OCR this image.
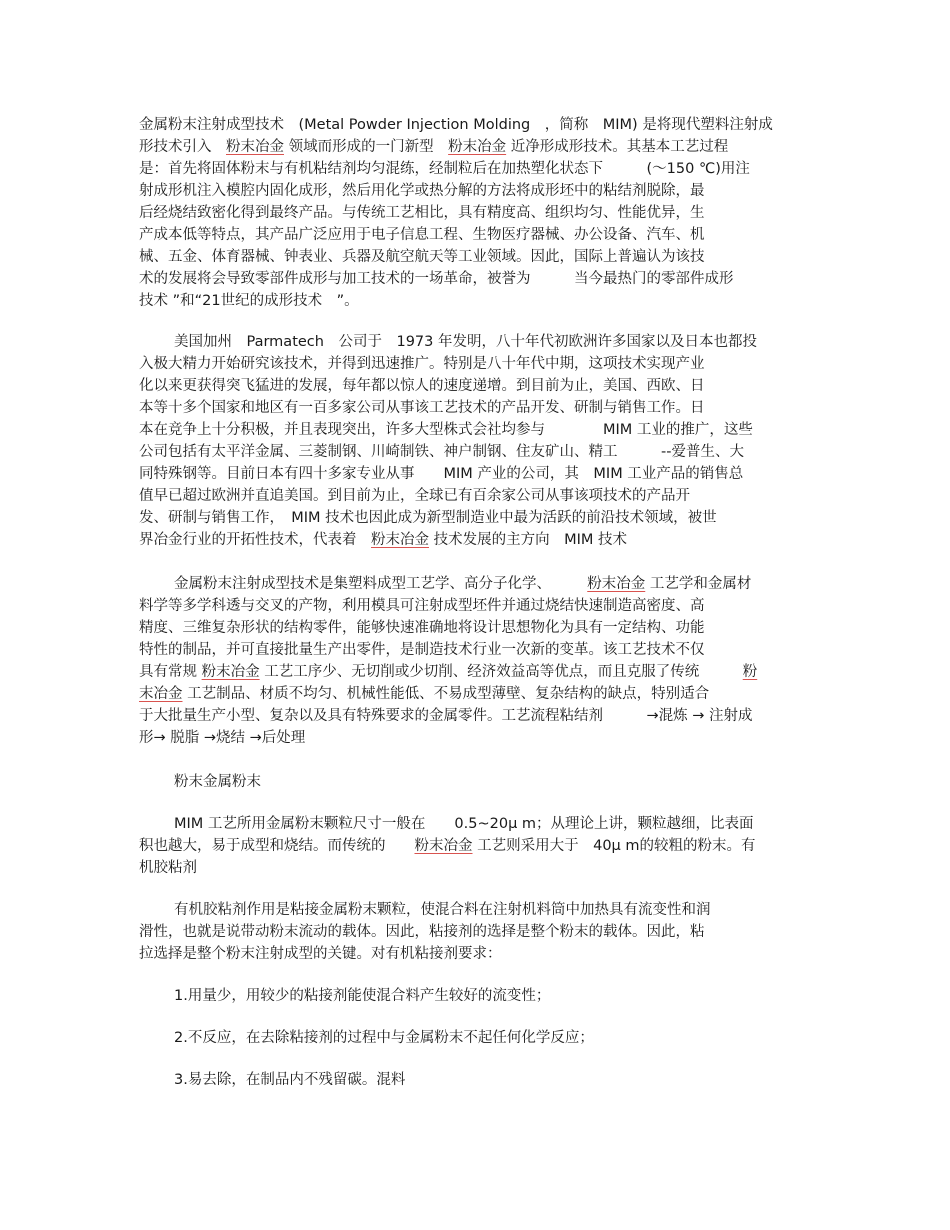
金属粉末注射成型技术　(Metal Powder Injection Molding　，简称　MIM) 是将现代塑料注射成
形技术引入　粉末冶金 领域而形成的一门新型　粉末冶金 近净形成形技术。其基本工艺过程
是：首先将固体粉末与有机粘结剂均匀混练，经制粒后在加热塑化状态下　　　(～150 ℃)用注
射成形机注入模腔内固化成形，然后用化学或热分解的方法将成形坯中的粘结剂脱除，最
后经烧结致密化得到最终产品。与传统工艺相比，具有精度高、组织均匀、性能优异，生
产成本低等特点，其产品广泛应用于电子信息工程、生物医疗器械、办公设备、汽车、机
械、五金、体育器械、钟表业、兵器及航空航天等工业领域。因此，国际上普遍认为该技
术的发展将会导致零部件成形与加工技术的一场革命，被誉为　　　当今最热门的零部件成形
技术 ”和“21世纪的成形技术　”。
美国加州　Parmatech　公司于　1973 年发明，八十年代初欧洲许多国家以及日本也都投
入极大精力开始研究该技术，并得到迅速推广。特别是八十年代中期，这项技术实现产业
化以来更获得突飞猛进的发展，每年都以惊人的速度递增。到目前为止，美国、西欧、日
本等十多个国家和地区有一百多家公司从事该工艺技术的产品开发、研制与销售工作。日
本在竞争上十分积极，并且表现突出，许多大型株式会社均参与　　　　MIM 工业的推广，这些
公司包括有太平洋金属、三菱制钢、川崎制铁、神户制钢、住友矿山、精工　　　--爱普生、大
同特殊钢等。目前日本有四十多家专业从事　　MIM 产业的公司，其　MIM 工业产品的销售总
值早已超过欧洲并直追美国。到目前为止，全球已有百余家公司从事该项技术的产品开
发、研制与销售工作，　MIM 技术也因此成为新型制造业中最为活跃的前沿技术领域，被世
界冶金行业的开拓性技术，代表着　粉末冶金 技术发展的主方向　MIM 技术
金属粉末注射成型技术是集塑料成型工艺学、高分子化学、　　　粉末冶金 工艺学和金属材
料学等多学科透与交叉的产物，利用模具可注射成型坯件并通过烧结快速制造高密度、高
精度、三维复杂形状的结构零件，能够快速准确地将设计思想物化为具有一定结构、功能
特性的制品，并可直接批量生产出零件，是制造技术行业一次新的变革。该工艺技术不仅
具有常规 粉末冶金 工艺工序少、无切削或少切削、经济效益高等优点，而且克服了传统　　　粉
末冶金 工艺制品、材质不均匀、机械性能低、不易成型薄壁、复杂结构的缺点，特别适合
于大批量生产小型、复杂以及具有特殊要求的金属零件。工艺流程粘结剂　　　→混炼 → 注射成
形→ 脱脂 →烧结 →后处理
粉末金属粉末
MIM 工艺所用金属粉末颗粒尺寸一般在　　0.5~20μ m；从理论上讲，颗粒越细，比表面
积也越大，易于成型和烧结。而传统的　　粉末冶金 工艺则采用大于　40μ m的较粗的粉末。有
机胶粘剂
有机胶粘剂作用是粘接金属粉末颗粒，使混合料在注射机料筒中加热具有流变性和润
滑性，也就是说带动粉末流动的载体。因此，粘接剂的选择是整个粉末的载体。因此，粘
拉选择是整个粉末注射成型的关键。对有机粘接剂要求：
1.用量少，用较少的粘接剂能使混合料产生较好的流变性；
2.不反应，在去除粘接剂的过程中与金属粉末不起任何化学反应；
3.易去除，在制品内不残留碳。混料
